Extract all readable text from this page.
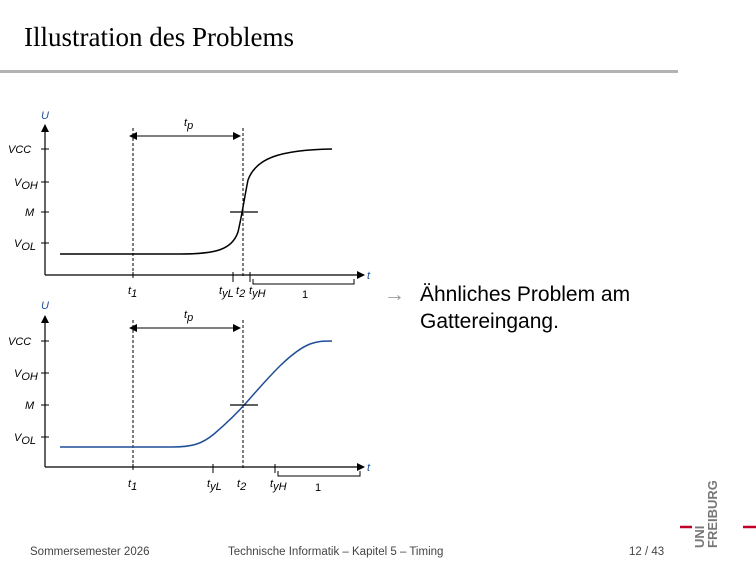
Illustration des Problems
U
t
VCC
VOH
M
VOL
tp
t1	tyL t2 tyH	1
U
t
VCC
VOH
M
VOL
tp
t1	tyL t2 tyH	1
→ Ähnliches Problem am Gattereingang.
Sommersemester 2026	Technische Informatik – Kapitel 5 – Timing	12 / 43
UNI
FREIBURG
